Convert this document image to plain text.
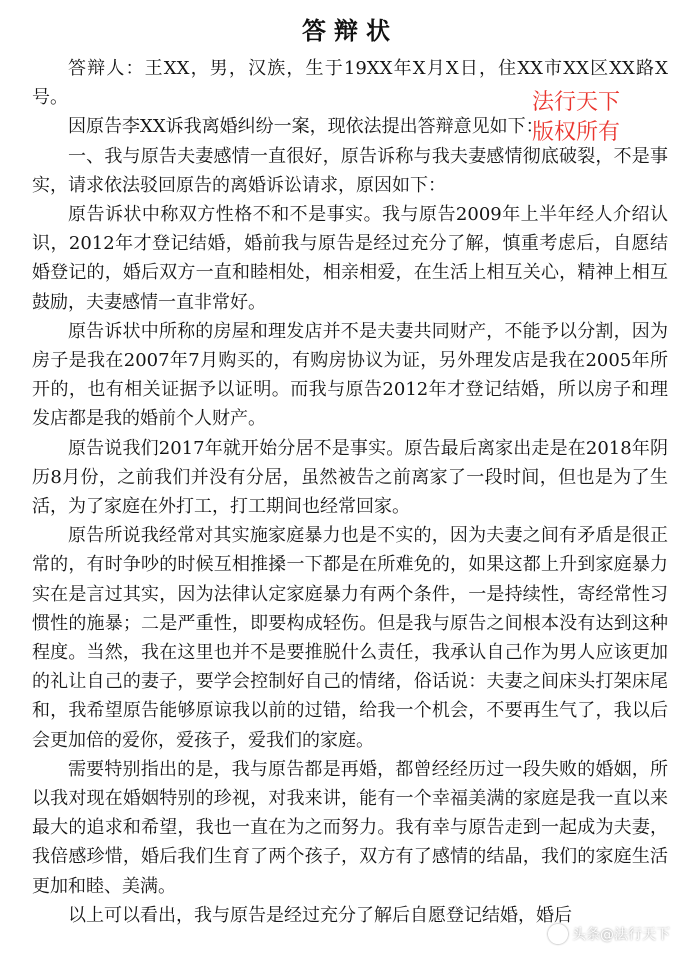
答辩状

答辩人：王XX，男，汉族，生于19XX年X月X日，住XX市XX区XX路X号。

因原告李XX诉我离婚纠纷一案，现依法提出答辩意见如下：

一、我与原告夫妻感情一直很好，原告诉称与我夫妻感情彻底破裂，不是事实，请求依法驳回原告的离婚诉讼请求，原因如下：

原告诉状中称双方性格不和不是事实。我与原告2009年上半年经人介绍认识，2012年才登记结婚，婚前我与原告是经过充分了解，慎重考虑后，自愿结婚登记的，婚后双方一直和睦相处，相亲相爱，在生活上相互关心，精神上相互鼓励，夫妻感情一直非常好。

原告诉状中所称的房屋和理发店并不是夫妻共同财产，不能予以分割，因为房子是我在2007年7月购买的，有购房协议为证，另外理发店是我在2005年所开的，也有相关证据予以证明。而我与原告2012年才登记结婚，所以房子和理发店都是我的婚前个人财产。

原告说我们2017年就开始分居不是事实。原告最后离家出走是在2018年阴历8月份，之前我们并没有分居，虽然被告之前离家了一段时间，但也是为了生活，为了家庭在外打工，打工期间也经常回家。

原告所说我经常对其实施家庭暴力也是不实的，因为夫妻之间有矛盾是很正常的，有时争吵的时候互相推搡一下都是在所难免的，如果这都上升到家庭暴力实在是言过其实，因为法律认定家庭暴力有两个条件，一是持续性，寄经常性习惯性的施暴；二是严重性，即要构成轻伤。但是我与原告之间根本没有达到这种程度。当然，我在这里也并不是要推脱什么责任，我承认自己作为男人应该更加的礼让自己的妻子，要学会控制好自己的情绪，俗话说：夫妻之间床头打架床尾和，我希望原告能够原谅我以前的过错，给我一个机会，不要再生气了，我以后会更加倍的爱你，爱孩子，爱我们的家庭。

需要特别指出的是，我与原告都是再婚，都曾经经历过一段失败的婚姻，所以我对现在婚姻特别的珍视，对我来讲，能有一个幸福美满的家庭是我一直以来最大的追求和希望，我也一直在为之而努力。我有幸与原告走到一起成为夫妻，我倍感珍惜，婚后我们生育了两个孩子，双方有了感情的结晶，我们的家庭生活更加和睦、美满。

以上可以看出，我与原告是经过充分了解后自愿登记结婚，婚后

法行天下
版权所有
头条@法行天下
